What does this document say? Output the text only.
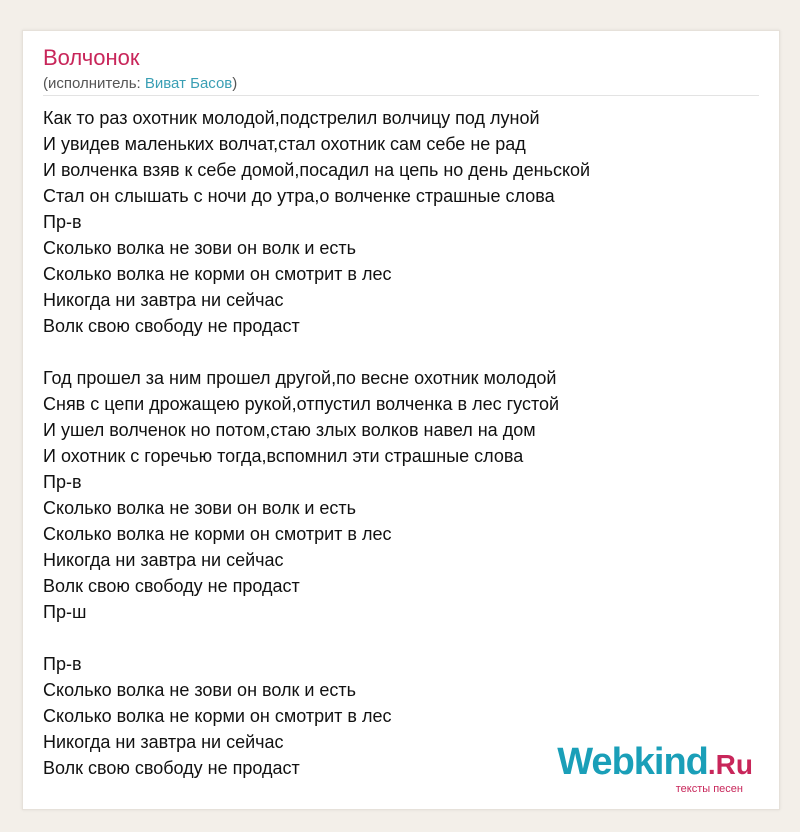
Волчонок
(исполнитель: Виват Басов)
Как то раз охотник молодой,подстрелил волчицу под луной
И увидев маленьких волчат,стал охотник сам себе не рад
И волченка взяв к себе домой,посадил на цепь но день деньской
Стал он слышать с ночи до утра,о волченке страшные слова
Пр-в
Сколько волка не зови он волк и есть
Сколько волка не корми он смотрит в лес
Никогда ни завтра ни сейчас
Волк свою свободу не продаст
Год прошел за ним прошел другой,по весне охотник молодой
Сняв с цепи дрожащею рукой,отпустил волченка в лес густой
И ушел волченок но потом,стаю злых волков навел на дом
И охотник с горечью тогда,вспомнил эти страшные слова
Пр-в
Сколько волка не зови он волк и есть
Сколько волка не корми он смотрит в лес
Никогда ни завтра ни сейчас
Волк свою свободу не продаст
Пр-ш
Пр-в
Сколько волка не зови он волк и есть
Сколько волка не корми он смотрит в лес
Никогда ни завтра ни сейчас
Волк свою свободу не продаст	Webkind.Ru
тексты песен
